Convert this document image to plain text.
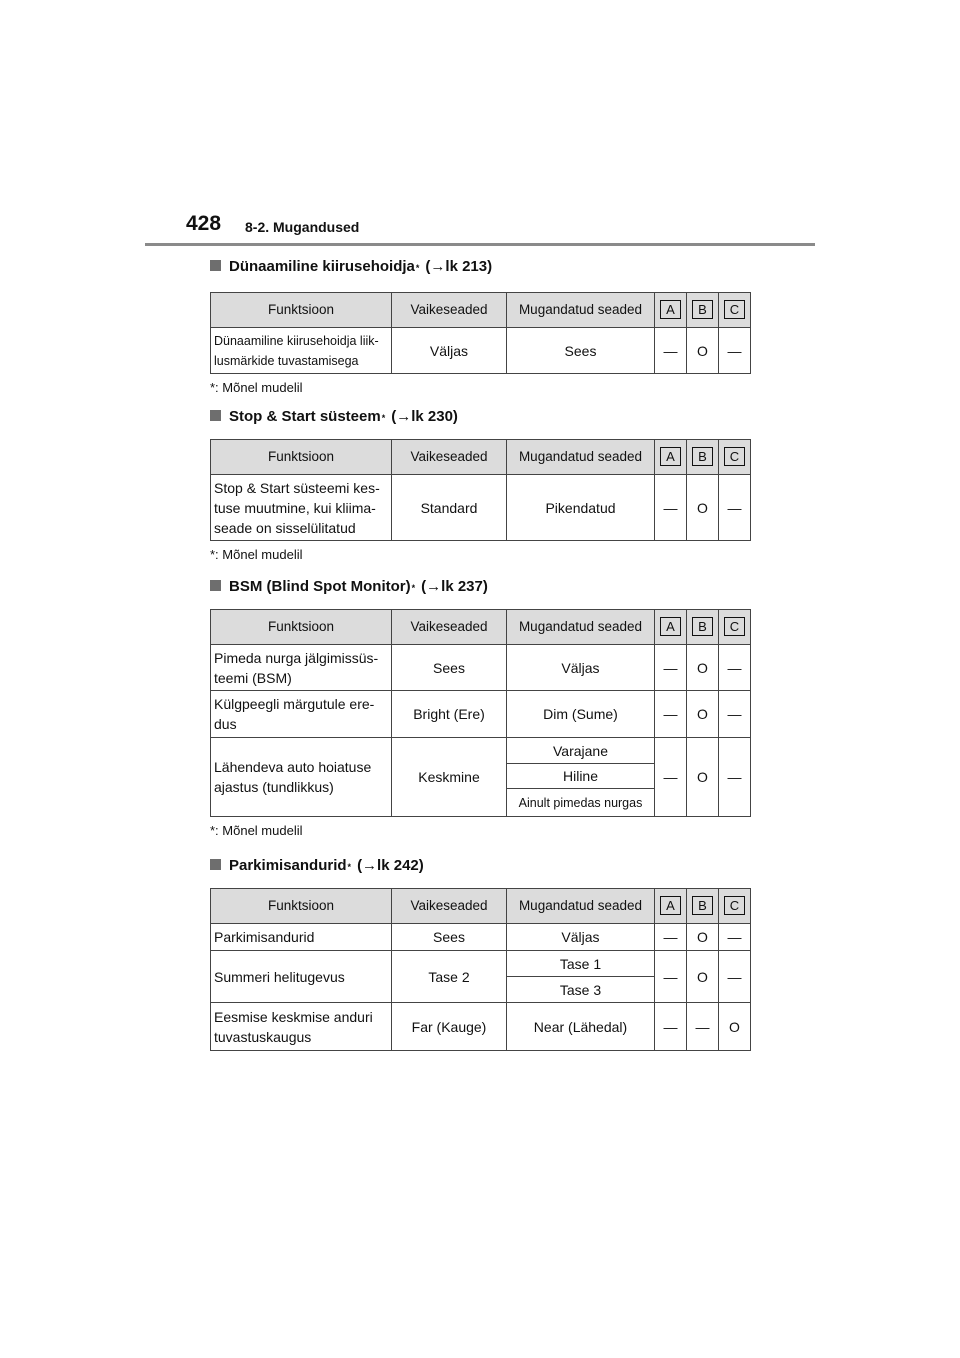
428 8-2. Mugandused
Dünaamiline kiirusehoidja * (→lk 213)
Funktsioon	Vaikeseaded	Mugandatud seaded	A	B	C
Dünaamiline kiirusehoidja liik-lusmärkide tuvastamisega	Väljas	Sees	—	O	—
*: Mõnel mudelil
Stop & Start süsteem * (→lk 230)
Funktsioon	Vaikeseaded	Mugandatud seaded	A	B	C
Stop & Start süsteemi kes-tuse muutmine, kui kliima-seade on sisselülitatud	Standard	Pikendatud	—	O	—
*: Mõnel mudelil
BSM (Blind Spot Monitor) * (→lk 237)
Funktsioon	Vaikeseaded	Mugandatud seaded	A	B	C
Pimeda nurga jälgimissüs-teemi (BSM)	Sees	Väljas	—	O	—
Külgpeegli märgutule ere-dus	Bright (Ere)	Dim (Sume)	—	O	—
Lähendeva auto hoiatuse ajastus (tundlikkus)	Keskmine	Varajane	—	O	—
		Hiline			
		Ainult pimedas nurgas			
*: Mõnel mudelil
Parkimisandurid * (→lk 242)
Funktsioon	Vaikeseaded	Mugandatud seaded	A	B	C
Parkimisandurid	Sees	Väljas	—	O	—
Summeri helitugevus	Tase 2	Tase 1	—	O	—
		Tase 3			
Eesmise keskmise anduri tuvastuskaugus	Far (Kauge)	Near (Lähedal)	—	—	O
